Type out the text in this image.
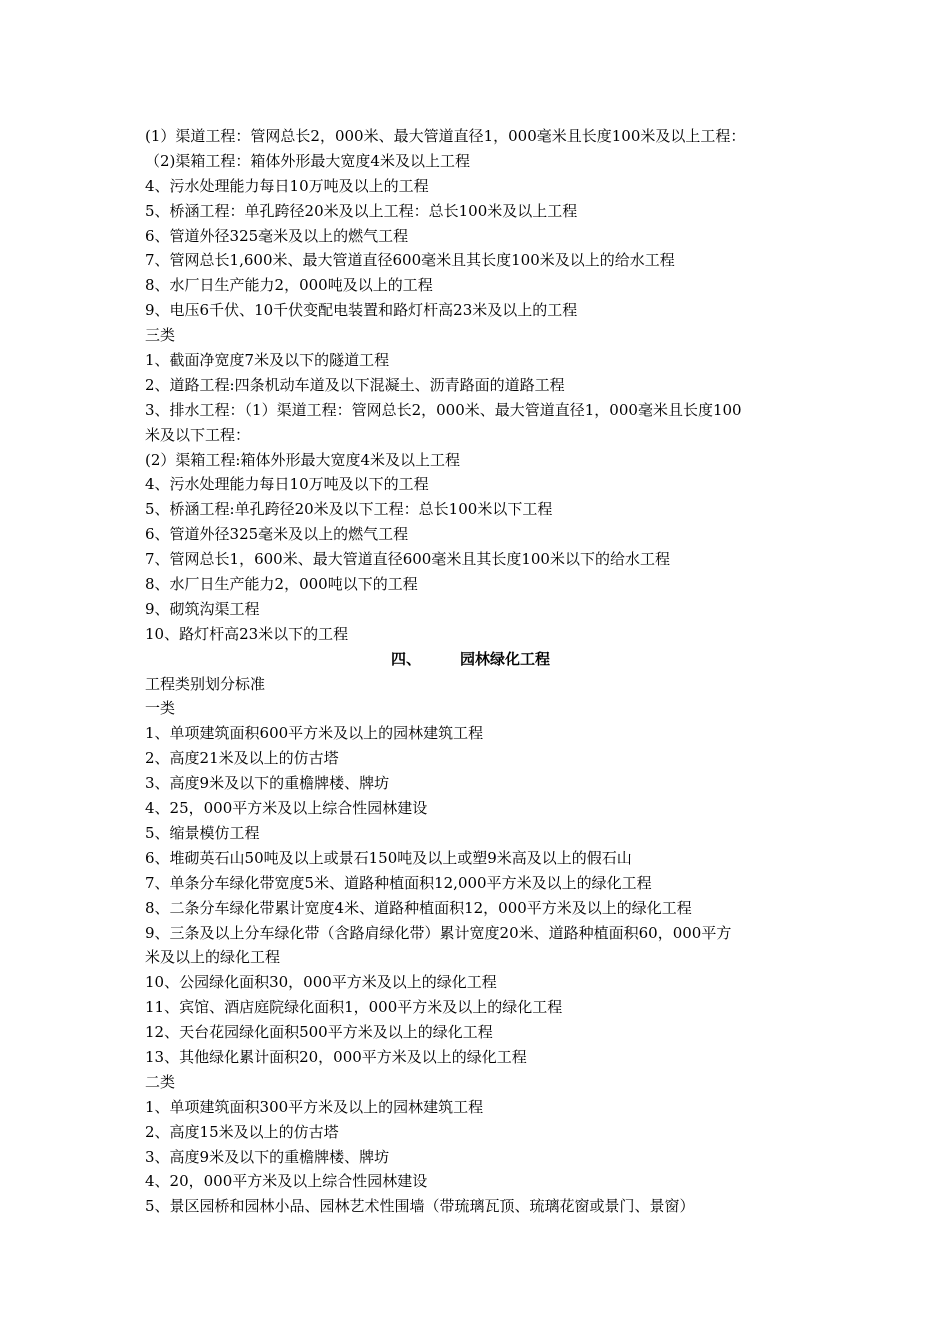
(1）渠道工程：管网总长2，000米、最大管道直径1，000毫米且长度100米及以上工程：
（2)渠箱工程：箱体外形最大宽度4米及以上工程
4、污水处理能力每日10万吨及以上的工程
5、桥涵工程：单孔跨径20米及以上工程：总长100米及以上工程
6、管道外径325毫米及以上的燃气工程
7、管网总长1,600米、最大管道直径600毫米且其长度100米及以上的给水工程
8、水厂日生产能力2，000吨及以上的工程
9、电压6千伏、10千伏变配电装置和路灯杆高23米及以上的工程
三类
1、截面净宽度7米及以下的隧道工程
2、道路工程:四条机动车道及以下混凝土、沥青路面的道路工程
3、排水工程：（1）渠道工程：管网总长2，000米、最大管道直径1，000毫米且长度100
米及以下工程：
(2）渠箱工程:箱体外形最大宽度4米及以上工程
4、污水处理能力每日10万吨及以下的工程
5、桥涵工程:单孔跨径20米及以下工程：总长100米以下工程
6、管道外径325毫米及以上的燃气工程
7、管网总长1，600米、最大管道直径600毫米且其长度100米以下的给水工程
8、水厂日生产能力2，000吨以下的工程
9、砌筑沟渠工程
10、路灯杆高23米以下的工程
四、	园林绿化工程
工程类别划分标准
一类
1、单项建筑面积600平方米及以上的园林建筑工程
2、高度21米及以上的仿古塔
3、高度9米及以下的重檐牌楼、牌坊
4、25，000平方米及以上综合性园林建设
5、缩景模仿工程
6、堆砌英石山50吨及以上或景石150吨及以上或塑9米高及以上的假石山
7、单条分车绿化带宽度5米、道路种植面积12,000平方米及以上的绿化工程
8、二条分车绿化带累计宽度4米、道路种植面积12，000平方米及以上的绿化工程
9、三条及以上分车绿化带（含路肩绿化带）累计宽度20米、道路种植面积60，000平方
米及以上的绿化工程
10、公园绿化面积30，000平方米及以上的绿化工程
11、宾馆、酒店庭院绿化面积1，000平方米及以上的绿化工程
12、天台花园绿化面积500平方米及以上的绿化工程
13、其他绿化累计面积20，000平方米及以上的绿化工程
二类
1、单项建筑面积300平方米及以上的园林建筑工程
2、高度15米及以上的仿古塔
3、高度9米及以下的重檐牌楼、牌坊
4、20，000平方米及以上综合性园林建设
5、景区园桥和园林小品、园林艺术性围墙（带琉璃瓦顶、琉璃花窗或景门、景窗）
